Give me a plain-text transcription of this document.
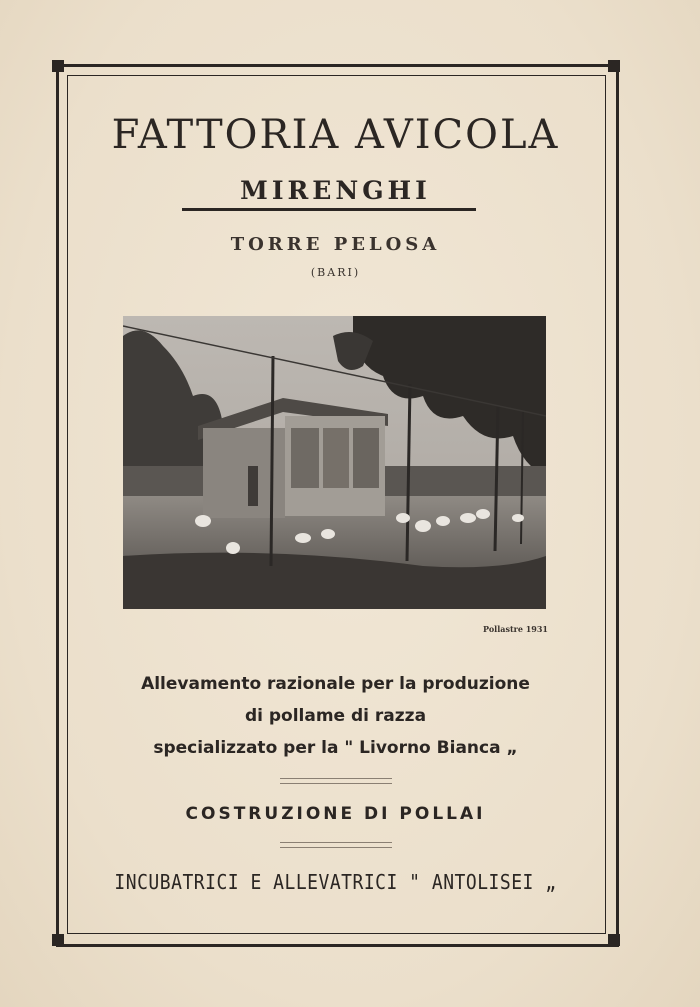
FATTORIA AVICOLA
MIRENGHI
TORRE PELOSA
(BARI)
Pollastre 1931
Allevamento razionale per la produzione
di pollame di razza
specializzato per la " Livorno Bianca „
COSTRUZIONE DI POLLAI
INCUBATRICI E ALLEVATRICI " ANTOLISEI „
